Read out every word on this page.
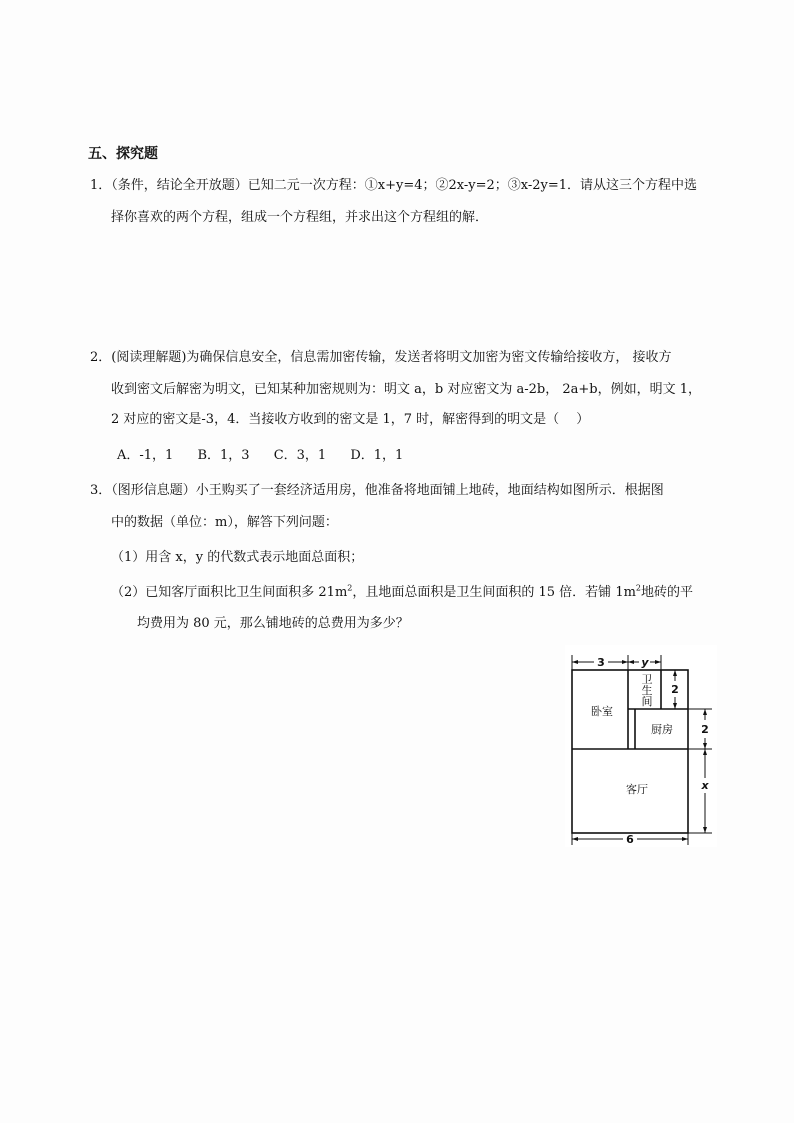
五、探究题
1．（条件，结论全开放题）已知二元一次方程：①x+y=4；②2x-y=2；③x-2y=1．请从这三个方程中选
择你喜欢的两个方程，组成一个方程组，并求出这个方程组的解．
2．(阅读理解题)为确保信息安全，信息需加密传输，发送者将明文加密为密文传输给接收方， 接收方
收到密文后解密为明文，已知某种加密规则为：明文 a，b 对应密文为 a-2b， 2a+b，例如，明文 1，
2 对应的密文是-3，4．当接收方收到的密文是 1，7 时，解密得到的明文是（　 ）
A．-1，1 B．1，3 C．3，1 D．1，1
3．（图形信息题）小王购买了一套经济适用房，他准备将地面铺上地砖，地面结构如图所示．根据图
中的数据（单位：m），解答下列问题：
（1）用含 x，y 的代数式表示地面总面积；
（2）已知客厅面积比卫生间面积多 $21m^2$，且地面总面积是卫生间面积的 15 倍．若铺 $1m^2$地砖的平
均费用为 80 元，那么铺地砖的总费用为多少？
3	y
2
2
x
6
卧室
卫
生
间
厨房
客厅
